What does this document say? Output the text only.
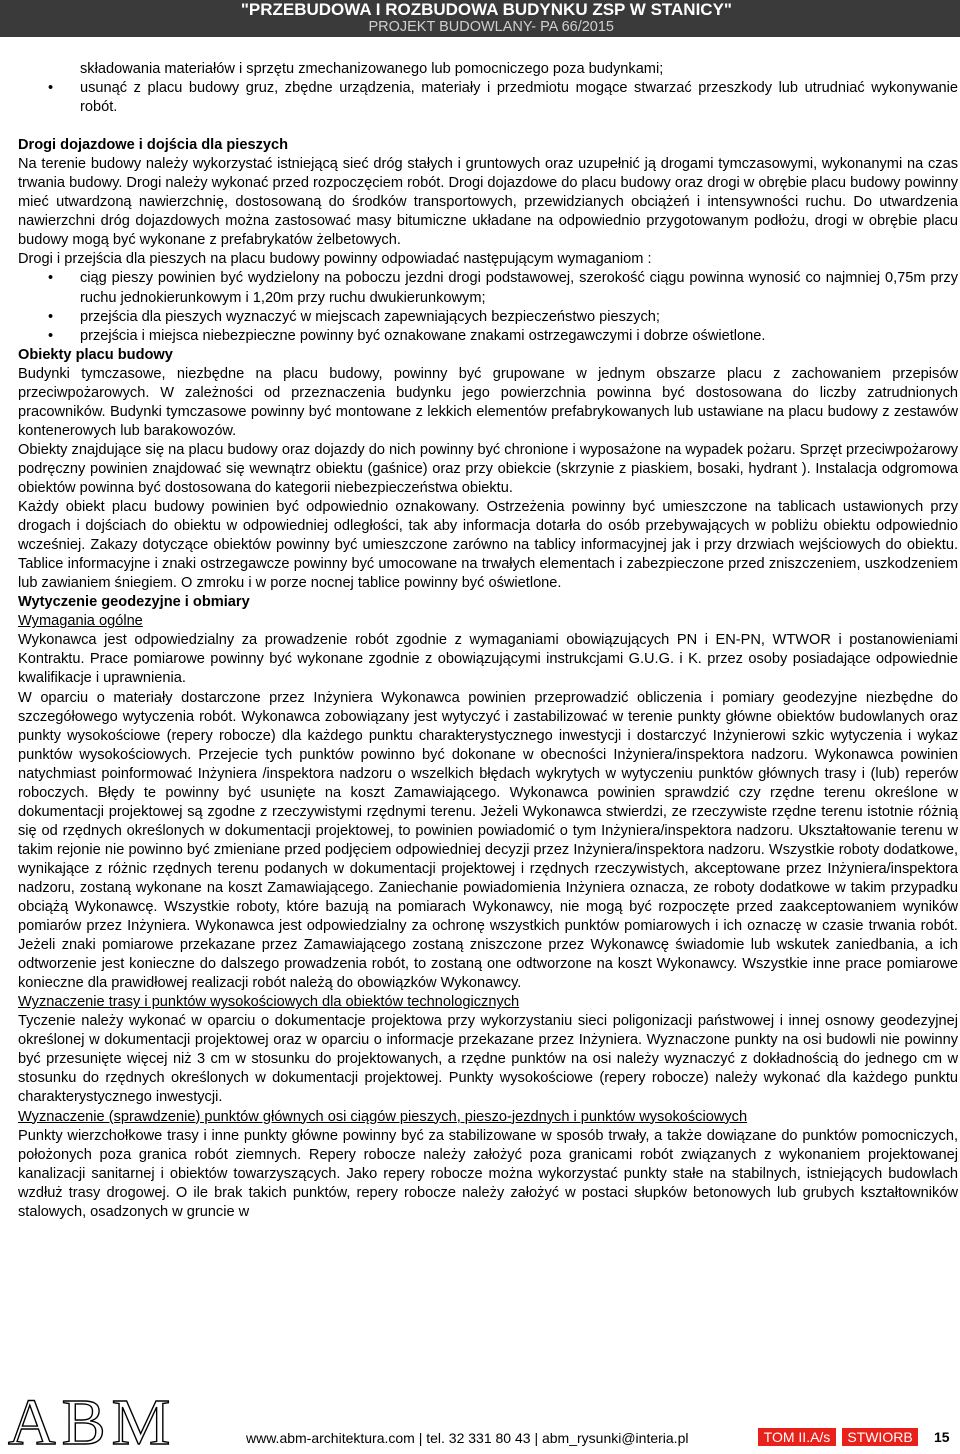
"PRZEBUDOWA I ROZBUDOWA BUDYNKU ZSP W STANICY"
PROJEKT BUDOWLANY- PA 66/2015

składowania materiałów i sprzętu zmechanizowanego lub pomocniczego poza budynkami;

• usunąć z placu budowy gruz, zbędne urządzenia, materiały i przedmiotu mogące stwarzać przeszkody lub utrudniać wykonywanie robót.

Drogi dojazdowe i dojścia dla pieszych

Na terenie budowy należy wykorzystać istniejącą sieć dróg stałych i gruntowych oraz uzupełnić ją drogami tymczasowymi, wykonanymi na czas trwania budowy. Drogi należy wykonać przed rozpoczęciem robót. Drogi dojazdowe do placu budowy oraz drogi w obrębie placu budowy powinny mieć utwardzoną nawierzchnię, dostosowaną do środków transportowych, przewidzianych obciążeń i intensywności ruchu. Do utwardzenia nawierzchni dróg dojazdowych można zastosować masy bitumiczne układane na odpowiednio przygotowanym podłożu, drogi w obrębie placu budowy mogą być wykonane z prefabrykatów żelbetowych.

Drogi i przejścia dla pieszych na placu budowy powinny odpowiadać następującym wymaganiom :

• ciąg pieszy powinien być wydzielony na poboczu jezdni drogi podstawowej, szerokość ciągu powinna wynosić co najmniej 0,75m przy ruchu jednokierunkowym i 1,20m przy ruchu dwukierunkowym;
• przejścia dla pieszych wyznaczyć w miejscach zapewniających bezpieczeństwo pieszych;
• przejścia i miejsca niebezpieczne powinny być oznakowane znakami ostrzegawczymi i dobrze oświetlone.

Obiekty placu budowy

Budynki tymczasowe, niezbędne na placu budowy, powinny być grupowane w jednym obszarze placu z zachowaniem przepisów przeciwpożarowych. W zależności od przeznaczenia budynku jego powierzchnia powinna być dostosowana do liczby zatrudnionych pracowników. Budynki tymczasowe powinny być montowane z lekkich elementów prefabrykowanych lub ustawiane na placu budowy z zestawów kontenerowych lub barakowozów.

Obiekty znajdujące się na placu budowy oraz dojazdy do nich powinny być chronione i wyposażone na wypadek pożaru. Sprzęt przeciwpożarowy podręczny powinien znajdować się wewnątrz obiektu (gaśnice) oraz przy obiekcie (skrzynie z piaskiem, bosaki, hydrant ). Instalacja odgromowa obiektów powinna być dostosowana do kategorii niebezpieczeństwa obiektu.

Każdy obiekt placu budowy powinien być odpowiednio oznakowany. Ostrzeżenia powinny być umieszczone na tablicach ustawionych przy drogach i dojściach do obiektu w odpowiedniej odległości, tak aby informacja dotarła do osób przebywających w pobliżu obiektu odpowiednio wcześniej. Zakazy dotyczące obiektów powinny być umieszczone zarówno na tablicy informacyjnej jak i przy drzwiach wejściowych do obiektu. Tablice informacyjne i znaki ostrzegawcze powinny być umocowane na trwałych elementach i zabezpieczone przed zniszczeniem, uszkodzeniem lub zawianiem śniegiem. O zmroku i w porze nocnej tablice powinny być oświetlone.

Wytyczenie geodezyjne i obmiary

Wymagania ogólne

Wykonawca jest odpowiedzialny za prowadzenie robót zgodnie z wymaganiami obowiązujących PN i EN-PN, WTWOR i postanowieniami Kontraktu. Prace pomiarowe powinny być wykonane zgodnie z obowiązującymi instrukcjami G.U.G. i K. przez osoby posiadające odpowiednie kwalifikacje i uprawnienia.

W oparciu o materiały dostarczone przez Inżyniera Wykonawca powinien przeprowadzić obliczenia i pomiary geodezyjne niezbędne do szczegółowego wytyczenia robót. Wykonawca zobowiązany jest wytyczyć i zastabilizować w terenie punkty główne obiektów budowlanych oraz punkty wysokościowe (repery robocze) dla każdego punktu charakterystycznego inwestycji i dostarczyć Inżynierowi szkic wytyczenia i wykaz punktów wysokościowych. Przejecie tych punktów powinno być dokonane w obecności Inżyniera/inspektora nadzoru. Wykonawca powinien natychmiast poinformować Inżyniera /inspektora nadzoru o wszelkich błędach wykrytych w wytyczeniu punktów głównych trasy i (lub) reperów roboczych. Błędy te powinny być usunięte na koszt Zamawiającego. Wykonawca powinien sprawdzić czy rzędne terenu określone w dokumentacji projektowej są zgodne z rzeczywistymi rzędnymi terenu. Jeżeli Wykonawca stwierdzi, ze rzeczywiste rzędne terenu istotnie różnią się od rzędnych określonych w dokumentacji projektowej, to powinien powiadomić o tym Inżyniera/inspektora nadzoru. Ukształtowanie terenu w takim rejonie nie powinno być zmieniane przed podjęciem odpowiedniej decyzji przez Inżyniera/inspektora nadzoru. Wszystkie roboty dodatkowe, wynikające z różnic rzędnych terenu podanych w dokumentacji projektowej i rzędnych rzeczywistych, akceptowane przez Inżyniera/inspektora nadzoru, zostaną wykonane na koszt Zamawiającego. Zaniechanie powiadomienia Inżyniera oznacza, ze roboty dodatkowe w takim przypadku obciążą Wykonawcę. Wszystkie roboty, które bazują na pomiarach Wykonawcy, nie mogą być rozpoczęte przed zaakceptowaniem wyników pomiarów przez Inżyniera. Wykonawca jest odpowiedzialny za ochronę wszystkich punktów pomiarowych i ich oznaczę w czasie trwania robót. Jeżeli znaki pomiarowe przekazane przez Zamawiającego zostaną zniszczone przez Wykonawcę świadomie lub wskutek zaniedbania, a ich odtworzenie jest konieczne do dalszego prowadzenia robót, to zostaną one odtworzone na koszt Wykonawcy. Wszystkie inne prace pomiarowe konieczne dla prawidłowej realizacji robót należą do obowiązków Wykonawcy.

Wyznaczenie trasy i punktów wysokościowych dla obiektów technologicznych

Tyczenie należy wykonać w oparciu o dokumentacje projektowa przy wykorzystaniu sieci poligonizacji państwowej i innej osnowy geodezyjnej określonej w dokumentacji projektowej oraz w oparciu o informacje przekazane przez Inżyniera. Wyznaczone punkty na osi budowli nie powinny być przesunięte więcej niż 3 cm w stosunku do projektowanych, a rzędne punktów na osi należy wyznaczyć z dokładnością do jednego cm w stosunku do rzędnych określonych w dokumentacji projektowej. Punkty wysokościowe (repery robocze) należy wykonać dla każdego punktu charakterystycznego inwestycji.

Wyznaczenie (sprawdzenie) punktów głównych osi ciągów pieszych, pieszo-jezdnych i punktów wysokościowych

Punkty wierzchołkowe trasy i inne punkty główne powinny być za stabilizowane w sposób trwały, a także dowiązane do punktów pomocniczych, położonych poza granica robót ziemnych. Repery robocze należy założyć poza granicami robót związanych z wykonaniem projektowanej kanalizacji sanitarnej i obiektów towarzyszących. Jako repery robocze można wykorzystać punkty stałe na stabilnych, istniejących budowlach wzdłuż trasy drogowej. O ile brak takich punktów, repery robocze należy założyć w postaci słupków betonowych lub grubych kształtowników stalowych, osadzonych w gruncie w

ABM	www.abm-architektura.com | tel. 32 331 80 43 | abm_rysunki@interia.pl	TOM II.A/s	STWIORB	15
